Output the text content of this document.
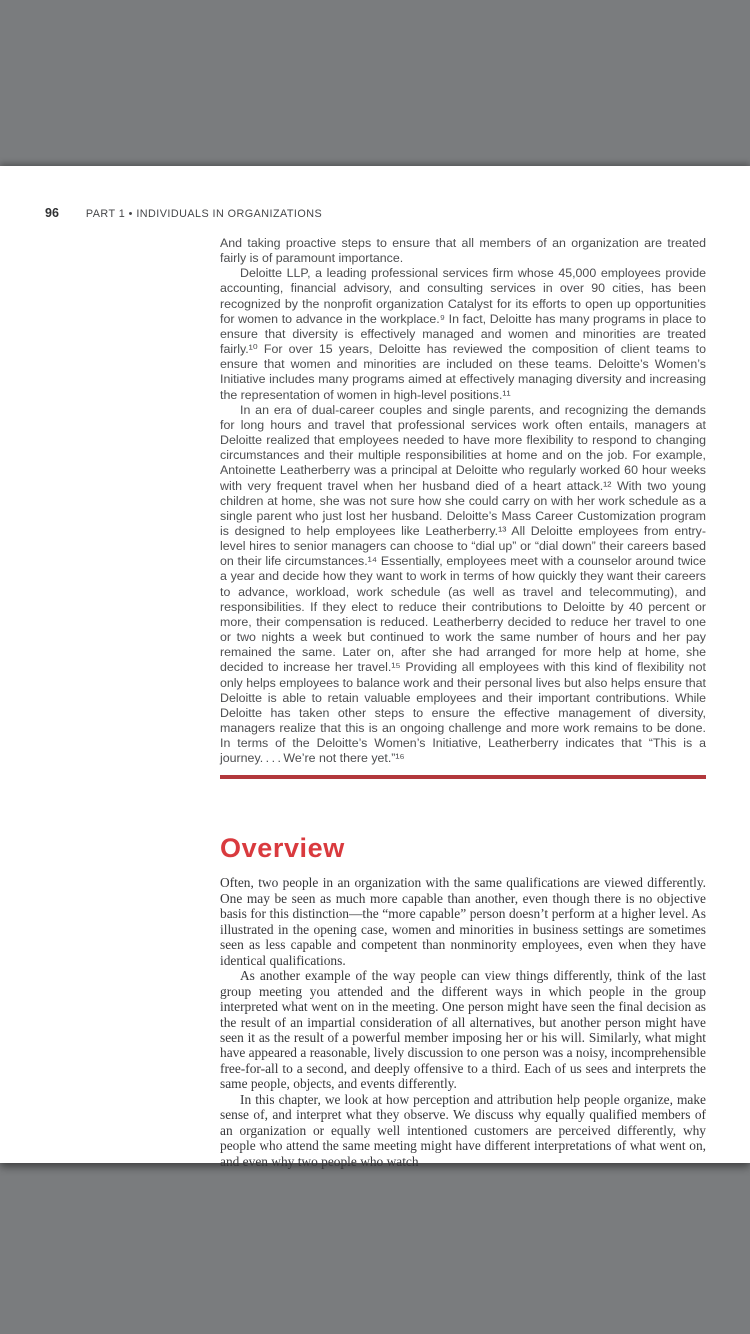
96	PART 1 • INDIVIDUALS IN ORGANIZATIONS

And taking proactive steps to ensure that all members of an organization are treated fairly is of paramount importance.

Deloitte LLP, a leading professional services firm whose 45,000 employees provide accounting, financial advisory, and consulting services in over 90 cities, has been recognized by the nonprofit organization Catalyst for its efforts to open up opportunities for women to advance in the workplace.⁹ In fact, Deloitte has many programs in place to ensure that diversity is effectively managed and women and minorities are treated fairly.¹⁰ For over 15 years, Deloitte has reviewed the composition of client teams to ensure that women and minorities are included on these teams. Deloitte’s Women’s Initiative includes many programs aimed at effectively managing diversity and increasing the representation of women in high-level positions.¹¹

In an era of dual-career couples and single parents, and recognizing the demands for long hours and travel that professional services work often entails, managers at Deloitte realized that employees needed to have more flexibility to respond to changing circumstances and their multiple responsibilities at home and on the job. For example, Antoinette Leatherberry was a principal at Deloitte who regularly worked 60 hour weeks with very frequent travel when her husband died of a heart attack.¹² With two young children at home, she was not sure how she could carry on with her work schedule as a single parent who just lost her husband. Deloitte’s Mass Career Customization program is designed to help employees like Leatherberry.¹³ All Deloitte employees from entry-level hires to senior managers can choose to “dial up” or “dial down” their careers based on their life circumstances.¹⁴ Essentially, employees meet with a counselor around twice a year and decide how they want to work in terms of how quickly they want their careers to advance, workload, work schedule (as well as travel and telecommuting), and responsibilities. If they elect to reduce their contributions to Deloitte by 40 percent or more, their compensation is reduced. Leatherberry decided to reduce her travel to one or two nights a week but continued to work the same number of hours and her pay remained the same. Later on, after she had arranged for more help at home, she decided to increase her travel.¹⁵ Providing all employees with this kind of flexibility not only helps employees to balance work and their personal lives but also helps ensure that Deloitte is able to retain valuable employees and their important contributions. While Deloitte has taken other steps to ensure the effective management of diversity, managers realize that this is an ongoing challenge and more work remains to be done. In terms of the Deloitte’s Women’s Initiative, Leatherberry indicates that “This is a journey. . . . We’re not there yet.”¹⁶

Overview

Often, two people in an organization with the same qualifications are viewed differently. One may be seen as much more capable than another, even though there is no objective basis for this distinction—the “more capable” person doesn’t perform at a higher level. As illustrated in the opening case, women and minorities in business settings are sometimes seen as less capable and competent than nonminority employees, even when they have identical qualifications.

As another example of the way people can view things differently, think of the last group meeting you attended and the different ways in which people in the group interpreted what went on in the meeting. One person might have seen the final decision as the result of an impartial consideration of all alternatives, but another person might have seen it as the result of a powerful member imposing her or his will. Similarly, what might have appeared a reasonable, lively discussion to one person was a noisy, incomprehensible free-for-all to a second, and deeply offensive to a third. Each of us sees and interprets the same people, objects, and events differently.

In this chapter, we look at how perception and attribution help people organize, make sense of, and interpret what they observe. We discuss why equally qualified members of an organization or equally well intentioned customers are perceived differently, why people who attend the same meeting might have different interpretations of what went on, and even why two people who watch
